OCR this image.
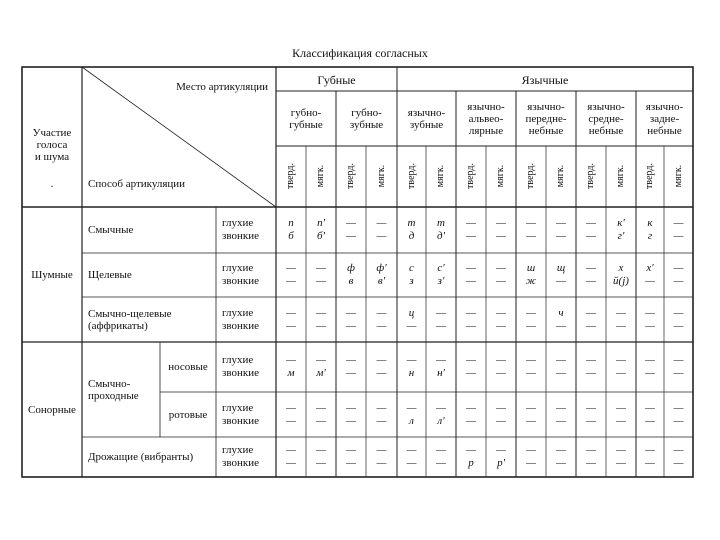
Классификация согласных
Место артикуляции
Участие
голоса
и шума
.	Способ артикуляции
Губные	Язычные
губно-
губные
губно-
зубные
язычно-
зубные
язычно-
альвео-
лярные
язычно-
переднe-
небные
язычно-
средне-
небные
язычно-
задне-
небные
тверд. мягк. тверд. мягк. тверд. мягк. тверд. мягк. тверд. мягк. тверд. мягк. тверд. мягк.
Шумные
Сонорные
Смычные
Щелевые
Смычно-щелевые
(аффрикаты)
Смычно-
проходные
носовые
ротовые
Дрожащие (вибранты)
глухие
звонкие
п
б
п'
б'
—
—
—
—
т
д
т
д'
—
—
—
—
—
—
—
—
—
—
к'
г'
к
г
—
—
глухие
звонкие
—
—
—
—
ф
в
ф'
в'
с
з
с'
з'
—
—
—
—
ш
ж
щ
—
—
—
х
й(j)
х'
—
—
—
глухие
звонкие
—
—
—
—
—
—
—
—
ц
—
—
—
—
—
—
—
—
—
ч
—
—
—
—
—
—
—
—
—
глухие
звонкие
—
м
—
м'
—
—
—
—
—
н
—
н'
—
—
—
—
—
—
—
—
—
—
—
—
—
—
—
—
глухие
звонкие
—
—
—
—
—
—
—
—
—
л
—
л'
—
—
—
—
—
—
—
—
—
—
—
—
—
—
—
—
глухие
звонкие
—
—
—
—
—
—
—
—
—
—
—
—
—
р
—
р'
—
—
—
—
—
—
—
—
—
—
—
—
